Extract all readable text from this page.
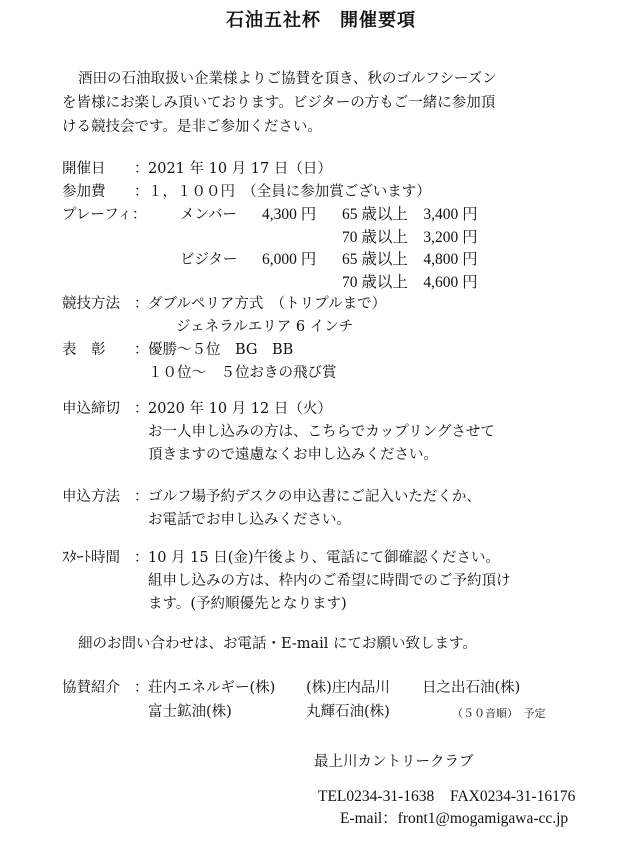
石油五社杯　開催要項
酒田の石油取扱い企業様よりご協賛を頂き、秋のゴルフシーズン
を皆様にお楽しみ頂いております。ビジターの方もご一緒に参加頂
ける競技会です。是非ご参加ください。
開催日 ： 2021 年 10 月 17 日（日）
参加費 ： １，１００円　（全員に参加賞ございます）
プレーフィ： メンバー 4,300 円 65 歳以上　3,400 円
70 歳以上　3,200 円
ビジター 6,000 円 65 歳以上　4,800 円
70 歳以上　4,600 円
競技方法 ： ダブルペリア方式　（トリプルまで）
ジェネラルエリア 6 インチ
表　彰 ： 優勝～５位　BG　BB
１０位～　５位おきの飛び賞
申込締切 ： 2020 年 10 月 12 日（火）
お一人申し込みの方は、こちらでカップリングさせて
頂きますので遠慮なくお申し込みください。
申込方法 ： ゴルフ場予約デスクの申込書にご記入いただくか、
お電話でお申し込みください。
ｽﾀｰﾄ時間 ： 10 月 15 日(金)午後より、電話にて御確認ください。
組申し込みの方は、枠内のご希望に時間でのご予約頂け
ます。(予約順優先となります)
細のお問い合わせは、お電話・E-mail にてお願い致します。
協賛紹介 ： 荘内エネルギー(株) (株)庄内品川 日之出石油(株)
富士鉱油(株)	丸輝石油(株)	（５０音順）　予定
最上川カントリークラブ
TEL0234-31-1638 FAX0234-31-16176
E-mail：front1@mogamigawa-cc.jp
